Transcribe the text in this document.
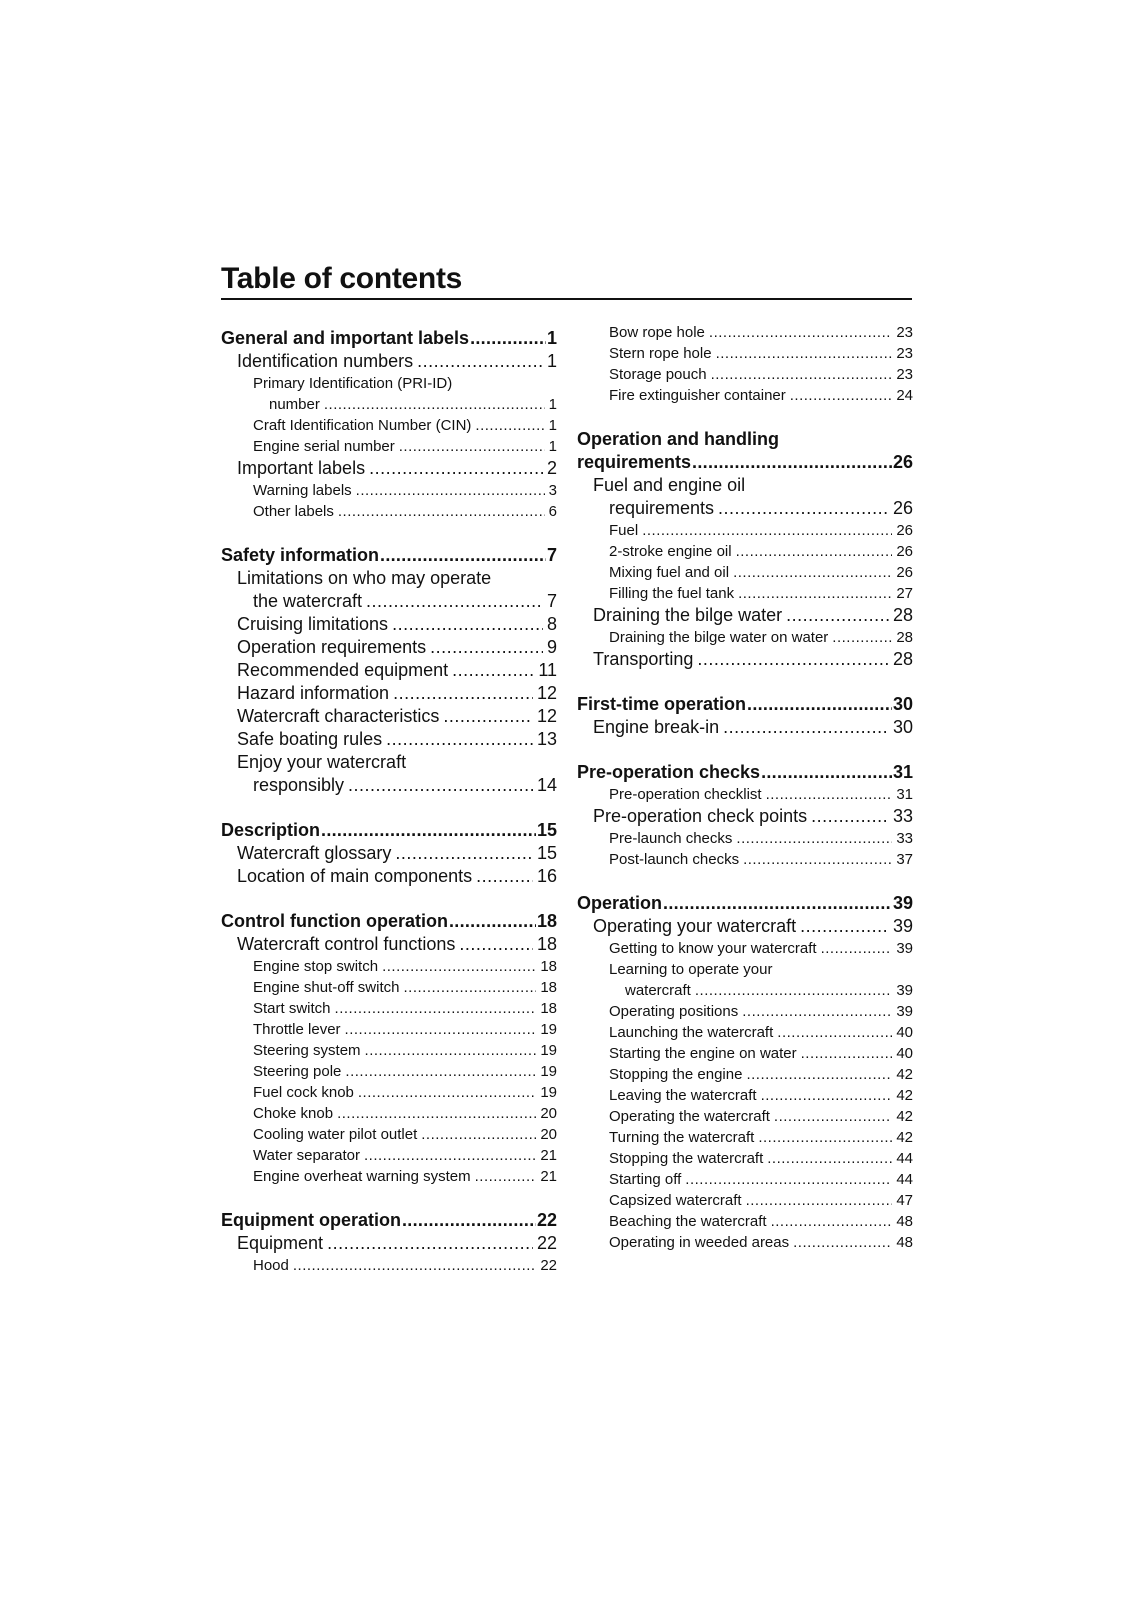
Table of contents
General and important labels .....	1
Identification numbers .....	1
Primary Identification (PRI-ID)
number .....	1
Craft Identification Number (CIN) .....	1
Engine serial number .....	1
Important labels .....	2
Warning labels .....	3
Other labels .....	6
Safety information .....	7
Limitations on who may operate
the watercraft .....	7
Cruising limitations .....	8
Operation requirements .....	9
Recommended equipment .....	11
Hazard information .....	12
Watercraft characteristics .....	12
Safe boating rules .....	13
Enjoy your watercraft
responsibly .....	14
Description .....	15
Watercraft glossary .....	15
Location of main components .....	16
Control function operation .....	18
Watercraft control functions .....	18
Engine stop switch .....	18
Engine shut-off switch .....	18
Start switch .....	18
Throttle lever .....	19
Steering system .....	19
Steering pole .....	19
Fuel cock knob .....	19
Choke knob .....	20
Cooling water pilot outlet .....	20
Water separator .....	21
Engine overheat warning system .....	21
Equipment operation .....	22
Equipment .....	22
Hood .....	22
Bow rope hole .....	23
Stern rope hole .....	23
Storage pouch .....	23
Fire extinguisher container .....	24
Operation and handling
requirements .....	26
Fuel and engine oil
requirements .....	26
Fuel .....	26
2-stroke engine oil .....	26
Mixing fuel and oil .....	26
Filling the fuel tank .....	27
Draining the bilge water .....	28
Draining the bilge water on water .....	28
Transporting .....	28
First-time operation .....	30
Engine break-in .....	30
Pre-operation checks .....	31
Pre-operation checklist .....	31
Pre-operation check points .....	33
Pre-launch checks .....	33
Post-launch checks .....	37
Operation .....	39
Operating your watercraft .....	39
Getting to know your watercraft .....	39
Learning to operate your
watercraft .....	39
Operating positions .....	39
Launching the watercraft .....	40
Starting the engine on water .....	40
Stopping the engine .....	42
Leaving the watercraft .....	42
Operating the watercraft .....	42
Turning the watercraft .....	42
Stopping the watercraft .....	44
Starting off .....	44
Capsized watercraft .....	47
Beaching the watercraft .....	48
Operating in weeded areas .....	48
